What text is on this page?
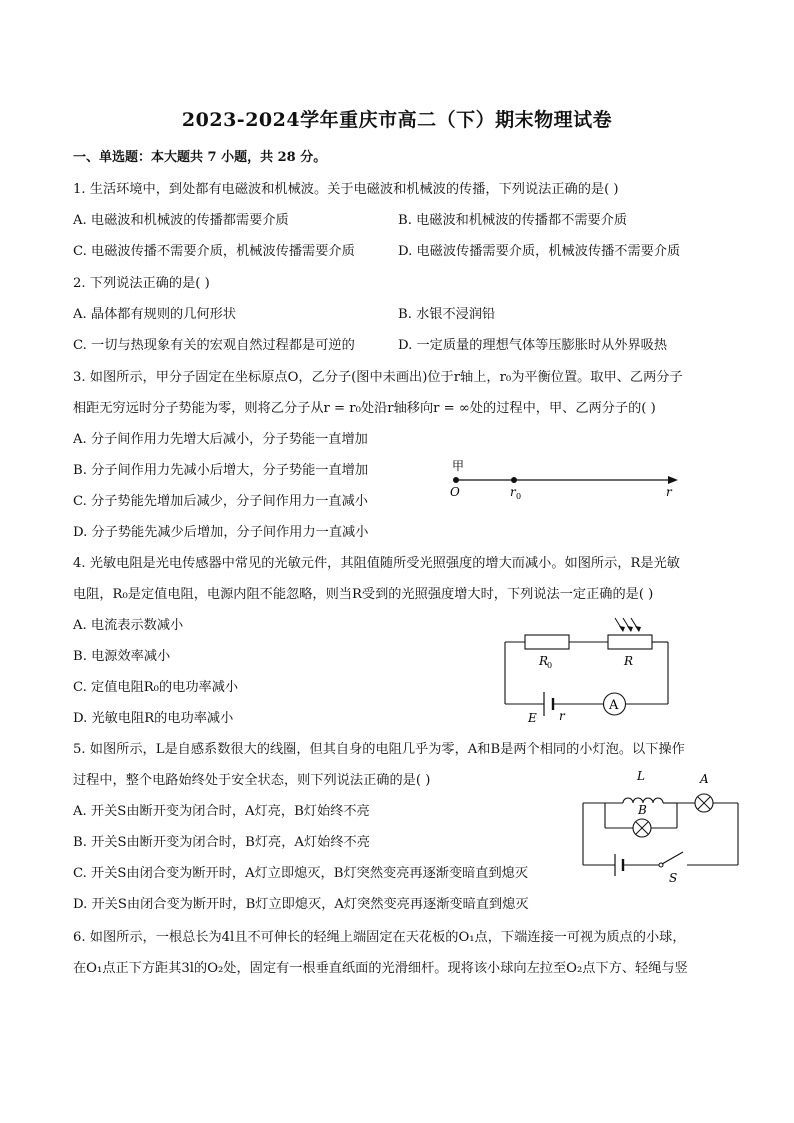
2023-2024学年重庆市高二（下）期末物理试卷
一、单选题：本大题共 7 小题，共 28 分。
1. 生活环境中，到处都有电磁波和机械波。关于电磁波和机械波的传播，下列说法正确的是( )
A. 电磁波和机械波的传播都需要介质	B. 电磁波和机械波的传播都不需要介质
C. 电磁波传播不需要介质，机械波传播需要介质	D. 电磁波传播需要介质，机械波传播不需要介质
2. 下列说法正确的是( )
A. 晶体都有规则的几何形状	B. 水银不浸润铅
C. 一切与热现象有关的宏观自然过程都是可逆的	D. 一定质量的理想气体等压膨胀时从外界吸热
3. 如图所示，甲分子固定在坐标原点O，乙分子(图中未画出)位于r轴上，r₀为平衡位置。取甲、乙两分子
相距无穷远时分子势能为零，则将乙分子从r = r₀处沿r轴移向r = ∞处的过程中，甲、乙两分子的( )
A. 分子间作用力先增大后减小，分子势能一直增加
B. 分子间作用力先减小后增大，分子势能一直增加
C. 分子势能先增加后减少，分子间作用力一直减小
D. 分子势能先减少后增加，分子间作用力一直减小
甲
O	r 0	r
4. 光敏电阻是光电传感器中常见的光敏元件，其阻值随所受光照强度的增大而减小。如图所示，R是光敏
电阻，R₀是定值电阻，电源内阻不能忽略，则当R受到的光照强度增大时，下列说法一定正确的是( )
A. 电流表示数减小
B. 电源效率减小
C. 定值电阻R₀的电功率减小
D. 光敏电阻R的电功率减小
A
R
0	R
E r
5. 如图所示，L是自感系数很大的线圈，但其自身的电阻几乎为零，A和B是两个相同的小灯泡。以下操作
过程中，整个电路始终处于安全状态，则下列说法正确的是( )
A. 开关S由断开变为闭合时，A灯亮，B灯始终不亮
B. 开关S由断开变为闭合时，B灯亮，A灯始终不亮
C. 开关S由闭合变为断开时，A灯立即熄灭，B灯突然变亮再逐渐变暗直到熄灭
D. 开关S由闭合变为断开时，B灯立即熄灭，A灯突然变亮再逐渐变暗直到熄灭
L	A
B
S
6. 如图所示，一根总长为4l且不可伸长的轻绳上端固定在天花板的O₁点，下端连接一可视为质点的小球，
在O₁点正下方距其3l的O₂处，固定有一根垂直纸面的光滑细杆。现将该小球向左拉至O₂点下方、轻绳与竖
